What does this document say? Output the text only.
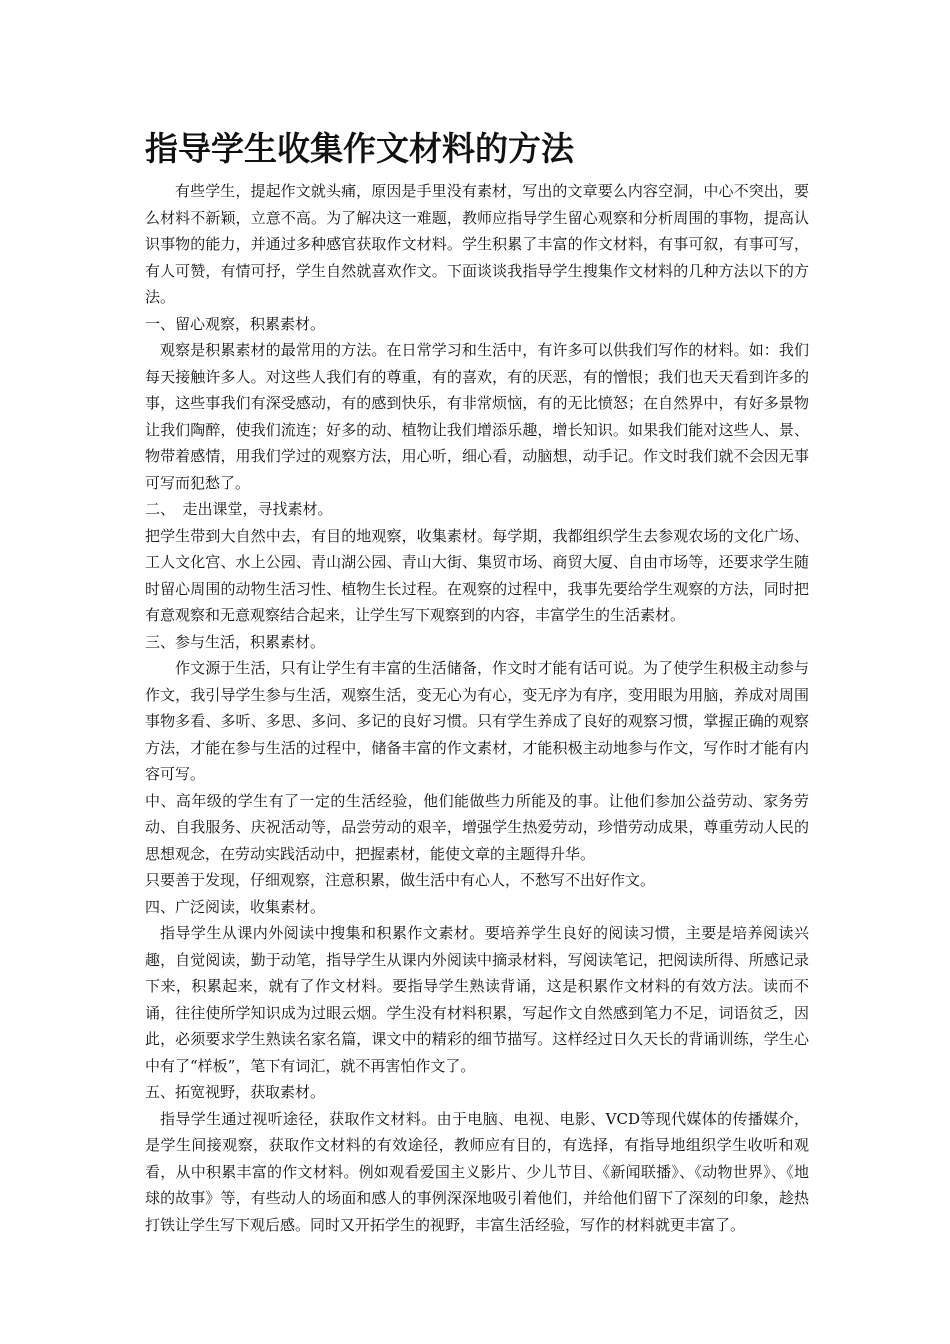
指导学生收集作文材料的方法

有些学生，提起作文就头痛，原因是手里没有素材，写出的文章要么内容空洞，中心不突出，要么材料不新颖，立意不高。为了解决这一难题，教师应指导学生留心观察和分析周围的事物，提高认识事物的能力，并通过多种感官获取作文材料。学生积累了丰富的作文材料，有事可叙，有事可写，有人可赞，有情可抒，学生自然就喜欢作文。下面谈谈我指导学生搜集作文材料的几种方法以下的方法。

一、留心观察，积累素材。

观察是积累素材的最常用的方法。在日常学习和生活中，有许多可以供我们写作的材料。如：我们每天接触许多人。对这些人我们有的尊重，有的喜欢，有的厌恶，有的憎恨；我们也天天看到许多的事，这些事我们有深受感动，有的感到快乐，有非常烦恼，有的无比愤怒；在自然界中，有好多景物让我们陶醉，使我们流连；好多的动、植物让我们增添乐趣，增长知识。如果我们能对这些人、景、物带着感情，用我们学过的观察方法，用心听，细心看，动脑想，动手记。作文时我们就不会因无事可写而犯愁了。

二、　走出课堂，寻找素材。

把学生带到大自然中去，有目的地观察，收集素材。每学期，我都组织学生去参观农场的文化广场、工人文化宫、水上公园、青山湖公园、青山大街、集贸市场、商贸大厦、自由市场等，还要求学生随时留心周围的动物生活习性、植物生长过程。在观察的过程中，我事先要给学生观察的方法，同时把有意观察和无意观察结合起来，让学生写下观察到的内容，丰富学生的生活素材。

三、参与生活，积累素材。

作文源于生活，只有让学生有丰富的生活储备，作文时才能有话可说。为了使学生积极主动参与作文，我引导学生参与生活，观察生活，变无心为有心，变无序为有序，变用眼为用脑，养成对周围事物多看、多听、多思、多问、多记的良好习惯。只有学生养成了良好的观察习惯，掌握正确的观察方法，才能在参与生活的过程中，储备丰富的作文素材，才能积极主动地参与作文，写作时才能有内容可写。

中、高年级的学生有了一定的生活经验，他们能做些力所能及的事。让他们参加公益劳动、家务劳动、自我服务、庆祝活动等，品尝劳动的艰辛，增强学生热爱劳动，珍惜劳动成果，尊重劳动人民的思想观念，在劳动实践活动中，把握素材，能使文章的主题得升华。

只要善于发现，仔细观察，注意积累，做生活中有心人，不愁写不出好作文。

四、广泛阅读，收集素材。

指导学生从课内外阅读中搜集和积累作文素材。要培养学生良好的阅读习惯，主要是培养阅读兴趣，自觉阅读，勤于动笔，指导学生从课内外阅读中摘录材料，写阅读笔记，把阅读所得、所感记录下来，积累起来，就有了作文材料。要指导学生熟读背诵，这是积累作文材料的有效方法。读而不诵，往往使所学知识成为过眼云烟。学生没有材料积累，写起作文自然感到笔力不足，词语贫乏，因此，必须要求学生熟读名家名篇，课文中的精彩的细节描写。这样经过日久天长的背诵训练，学生心中有了“样板”，笔下有词汇，就不再害怕作文了。

五、拓宽视野，获取素材。

指导学生通过视听途径，获取作文材料。由于电脑、电视、电影、VCD等现代媒体的传播媒介，是学生间接观察，获取作文材料的有效途径，教师应有目的，有选择，有指导地组织学生收听和观看，从中积累丰富的作文材料。例如观看爱国主义影片、少儿节目、《新闻联播》、《动物世界》、《地球的故事》等，有些动人的场面和感人的事例深深地吸引着他们，并给他们留下了深刻的印象，趁热打铁让学生写下观后感。同时又开拓学生的视野，丰富生活经验，写作的材料就更丰富了。
